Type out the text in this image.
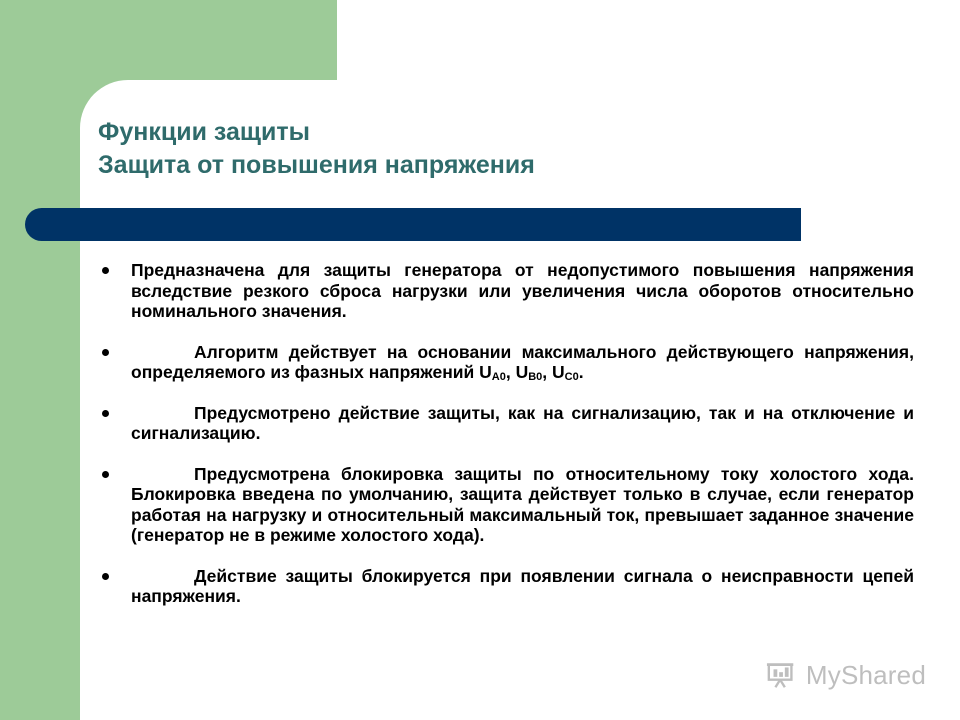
Функции защиты
Защита от повышения напряжения
Предназначена для защиты генератора от недопустимого повышения напряжения вследствие резкого сброса нагрузки или увеличения числа оборотов относительно номинального значения.
Алгоритм действует на основании максимального действующего напряжения, определяемого из фазных напряжений $U_{A0}$, $U_{B0}$, $U_{C0}$.
Предусмотрено действие защиты, как на сигнализацию, так и на отключение и сигнализацию.
Предусмотрена блокировка защиты по относительному току холостого хода. Блокировка введена по умолчанию, защита действует только в случае, если генератор работая на нагрузку и относительный максимальный ток, превышает заданное значение (генератор не в режиме холостого хода).
Действие защиты блокируется при появлении сигнала о неисправности цепей напряжения.
MyShared
